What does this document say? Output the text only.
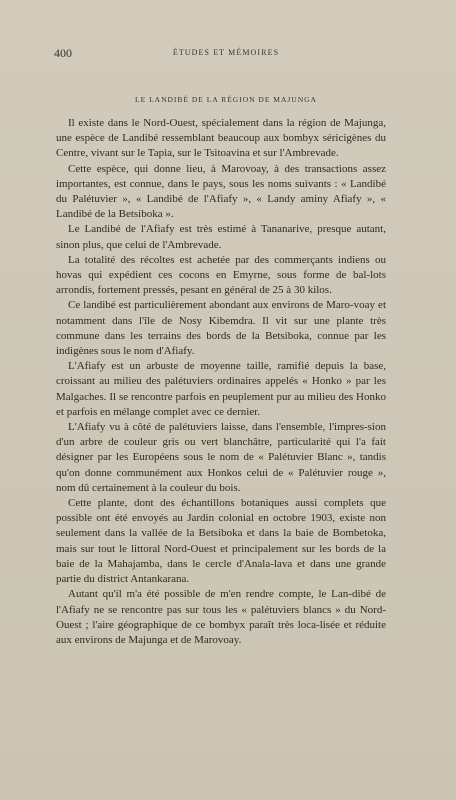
400	ÉTUDES ET MÉMOIRES
LE LANDIBÉ DE LA RÉGION DE MAJUNGA

Il existe dans le Nord-Ouest, spécialement dans la région de Majunga, une espèce de Landibé ressemblant beaucoup aux bombyx séricigènes du Centre, vivant sur le Tapia, sur le Tsitoavina et sur l'Ambrevade.

Cette espèce, qui donne lieu, à Marovoay, à des transactions assez importantes, est connue, dans le pays, sous les noms suivants : « Landibé du Palétuvier », « Landibé de l'Afiafy », « Landy aminy Afiafy », « Landibé de la Betsiboka ».

Le Landibé de l'Afiafy est très estimé à Tananarive, presque autant, sinon plus, que celui de l'Ambrevade.

La totalité des récoltes est achetée par des commerçants indiens ou hovas qui expédient ces cocons en Emyrne, sous forme de bal-lots arrondis, fortement pressés, pesant en général de 25 à 30 kilos.

Ce landibé est particulièrement abondant aux environs de Maro-voay et notamment dans l'île de Nosy Kibemdra. Il vit sur une plante très commune dans les terrains des bords de la Betsiboka, connue par les indigènes sous le nom d'Afiafy.

L'Afiafy est un arbuste de moyenne taille, ramifié depuis la base, croissant au milieu des palétuviers ordinaires appelés « Honko » par les Malgaches. Il se rencontre parfois en peuplement pur au milieu des Honko et parfois en mélange complet avec ce dernier.

L'Afiafy vu à côté de palétuviers laisse, dans l'ensemble, l'impres-sion d'un arbre de couleur gris ou vert blanchâtre, particularité qui l'a fait désigner par les Européens sous le nom de « Palétuvier Blanc », tandis qu'on donne communément aux Honkos celui de « Palétuvier rouge », nom dû certainement à la couleur du bois.

Cette plante, dont des échantillons botaniques aussi complets que possible ont été envoyés au Jardin colonial en octobre 1903, existe non seulement dans la vallée de la Betsiboka et dans la baie de Bombetoka, mais sur tout le littoral Nord-Ouest et principalement sur les bords de la baie de la Mahajamba, dans le cercle d'Anala-lava et dans une grande partie du district Antankarana.

Autant qu'il m'a été possible de m'en rendre compte, le Lan-dibé de l'Afiafy ne se rencontre pas sur tous les « palétuviers blancs » du Nord-Ouest ; l'aire géographique de ce bombyx paraît très loca-lisée et réduite aux environs de Majunga et de Marovoay.
